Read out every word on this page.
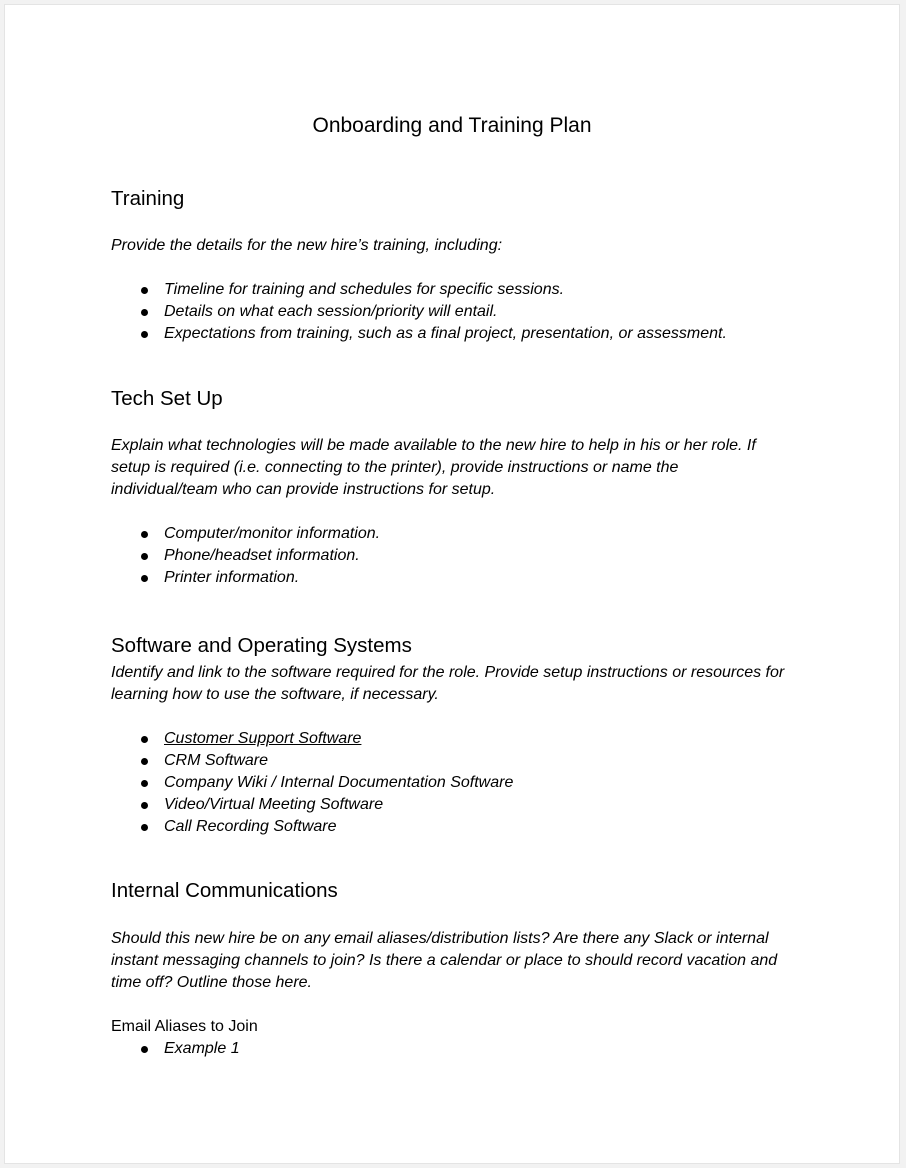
Onboarding and Training Plan
Training
Provide the details for the new hire’s training, including:
Timeline for training and schedules for specific sessions.
Details on what each session/priority will entail.
Expectations from training, such as a final project, presentation, or assessment.
Tech Set Up
Explain what technologies will be made available to the new hire to help in his or her role. If
setup is required (i.e. connecting to the printer), provide instructions or name the
individual/team who can provide instructions for setup.
Computer/monitor information.
Phone/headset information.
Printer information.
Software and Operating Systems
Identify and link to the software required for the role. Provide setup instructions or resources for
learning how to use the software, if necessary.
Customer Support Software
CRM Software
Company Wiki / Internal Documentation Software
Video/Virtual Meeting Software
Call Recording Software
Internal Communications
Should this new hire be on any email aliases/distribution lists? Are there any Slack or internal
instant messaging channels to join? Is there a calendar or place to should record vacation and
time off? Outline those here.
Email Aliases to Join
Example 1
